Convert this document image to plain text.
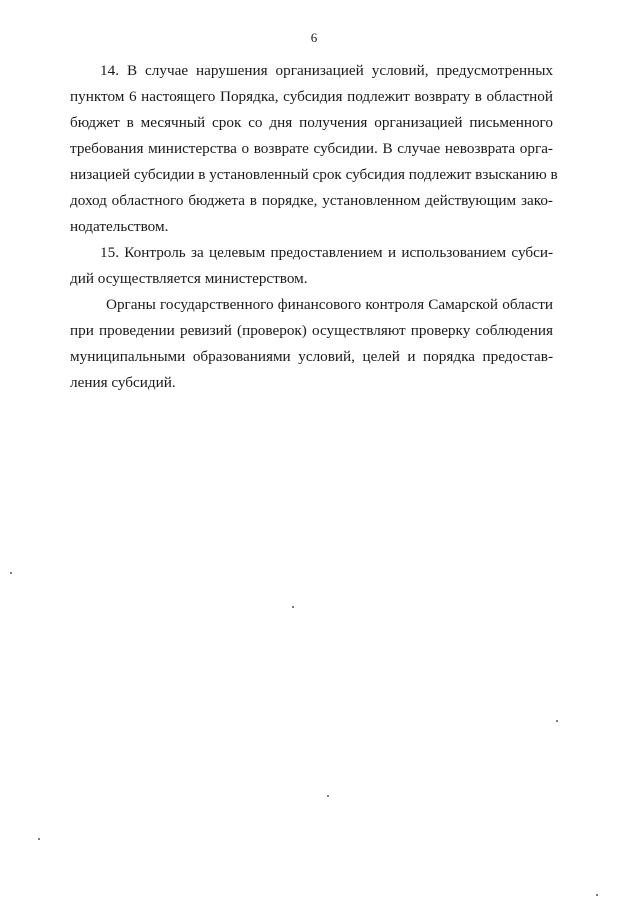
6

14. В случае нарушения организацией условий, предусмотренных
пунктом 6 настоящего Порядка, субсидия подлежит возврату в областной
бюджет в месячный срок со дня получения организацией письменного
требования министерства о возврате субсидии. В случае невозврата орга-
низацией субсидии в установленный срок субсидия подлежит взысканию в
доход областного бюджета в порядке, установленном действующим зако-
нодательством.

15. Контроль за целевым предоставлением и использованием субси-
дий осуществляется министерством.

Органы государственного финансового контроля Самарской области
при проведении ревизий (проверок) осуществляют проверку соблюдения
муниципальными образованиями условий, целей и порядка предостав-
ления субсидий.
